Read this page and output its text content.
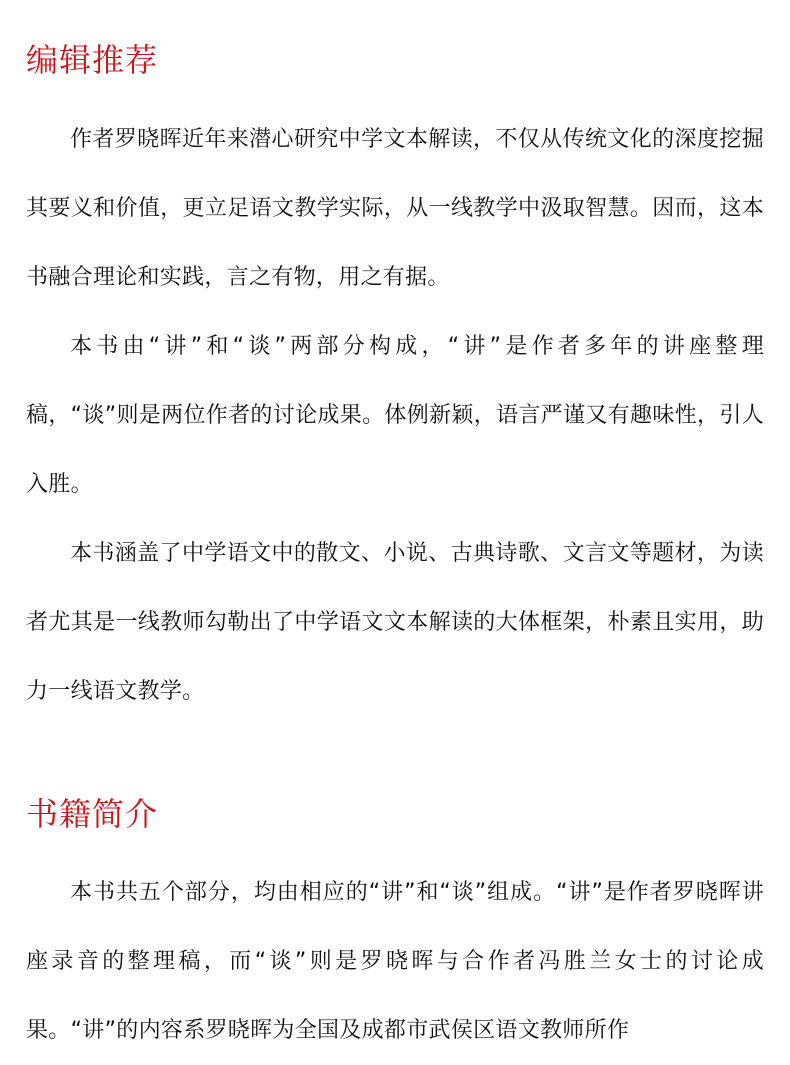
编辑推荐

作者罗晓晖近年来潜心研究中学文本解读，不仅从传统文化的深度挖掘其要义和价值，更立足语文教学实际，从一线教学中汲取智慧。因而，这本书融合理论和实践，言之有物，用之有据。

本书由“讲”和“谈”两部分构成，“讲”是作者多年的讲座整理稿，“谈”则是两位作者的讨论成果。体例新颖，语言严谨又有趣味性，引人入胜。

本书涵盖了中学语文中的散文、小说、古典诗歌、文言文等题材，为读者尤其是一线教师勾勒出了中学语文文本解读的大体框架，朴素且实用，助力一线语文教学。

书籍简介

本书共五个部分，均由相应的“讲”和“谈”组成。“讲”是作者罗晓晖讲座录音的整理稿，而“谈”则是罗晓晖与合作者冯胜兰女士的讨论成果。“讲”的内容系罗晓晖为全国及成都市武侯区语文教师所作
